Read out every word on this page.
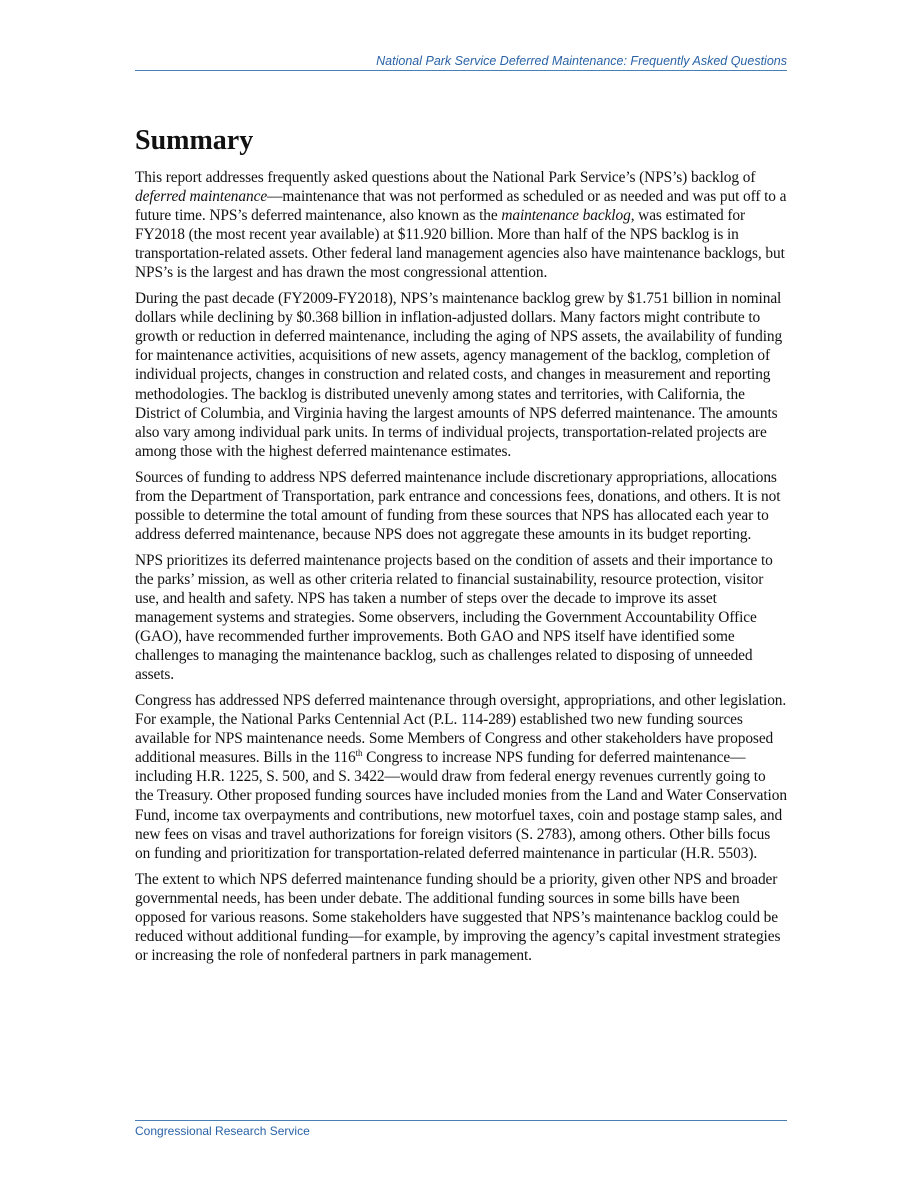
National Park Service Deferred Maintenance: Frequently Asked Questions
Summary

This report addresses frequently asked questions about the National Park Service’s (NPS’s) backlog of deferred maintenance—maintenance that was not performed as scheduled or as needed and was put off to a future time. NPS’s deferred maintenance, also known as the maintenance backlog, was estimated for FY2018 (the most recent year available) at $11.920 billion. More than half of the NPS backlog is in transportation-related assets. Other federal land management agencies also have maintenance backlogs, but NPS’s is the largest and has drawn the most congressional attention.

During the past decade (FY2009-FY2018), NPS’s maintenance backlog grew by $1.751 billion in nominal dollars while declining by $0.368 billion in inflation-adjusted dollars. Many factors might contribute to growth or reduction in deferred maintenance, including the aging of NPS assets, the availability of funding for maintenance activities, acquisitions of new assets, agency management of the backlog, completion of individual projects, changes in construction and related costs, and changes in measurement and reporting methodologies. The backlog is distributed unevenly among states and territories, with California, the District of Columbia, and Virginia having the largest amounts of NPS deferred maintenance. The amounts also vary among individual park units. In terms of individual projects, transportation-related projects are among those with the highest deferred maintenance estimates.

Sources of funding to address NPS deferred maintenance include discretionary appropriations, allocations from the Department of Transportation, park entrance and concessions fees, donations, and others. It is not possible to determine the total amount of funding from these sources that NPS has allocated each year to address deferred maintenance, because NPS does not aggregate these amounts in its budget reporting.

NPS prioritizes its deferred maintenance projects based on the condition of assets and their importance to the parks’ mission, as well as other criteria related to financial sustainability, resource protection, visitor use, and health and safety. NPS has taken a number of steps over the decade to improve its asset management systems and strategies. Some observers, including the Government Accountability Office (GAO), have recommended further improvements. Both GAO and NPS itself have identified some challenges to managing the maintenance backlog, such as challenges related to disposing of unneeded assets.

Congress has addressed NPS deferred maintenance through oversight, appropriations, and other legislation. For example, the National Parks Centennial Act (P.L. 114-289) established two new funding sources available for NPS maintenance needs. Some Members of Congress and other stakeholders have proposed additional measures. Bills in the 116th Congress to increase NPS funding for deferred maintenance—including H.R. 1225, S. 500, and S. 3422—would draw from federal energy revenues currently going to the Treasury. Other proposed funding sources have included monies from the Land and Water Conservation Fund, income tax overpayments and contributions, new motorfuel taxes, coin and postage stamp sales, and new fees on visas and travel authorizations for foreign visitors (S. 2783), among others. Other bills focus on funding and prioritization for transportation-related deferred maintenance in particular (H.R. 5503).

The extent to which NPS deferred maintenance funding should be a priority, given other NPS and broader governmental needs, has been under debate. The additional funding sources in some bills have been opposed for various reasons. Some stakeholders have suggested that NPS’s maintenance backlog could be reduced without additional funding—for example, by improving the agency’s capital investment strategies or increasing the role of nonfederal partners in park management.

Congressional Research Service
